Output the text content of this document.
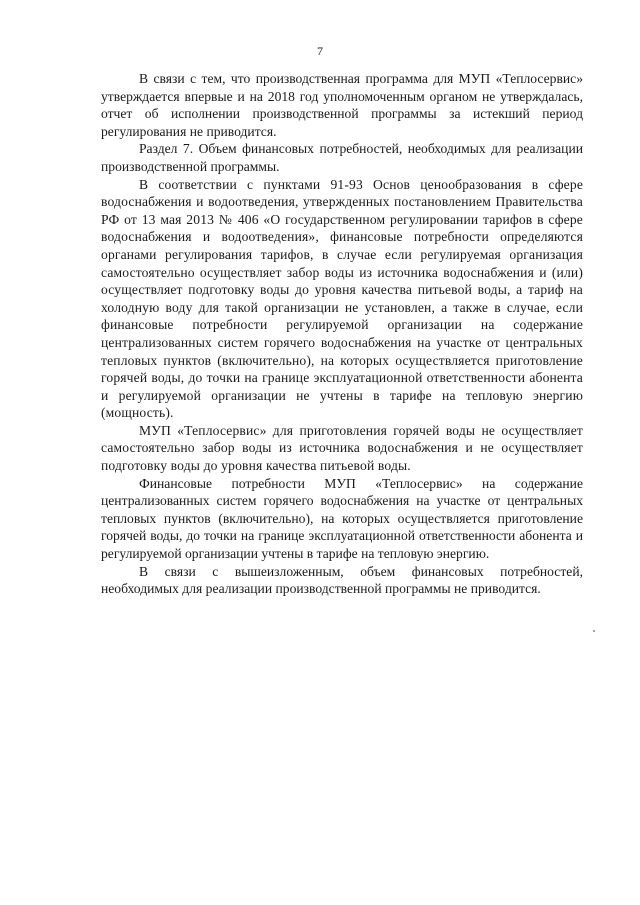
7

В связи с тем, что производственная программа для МУП «Теплосервис» утверждается впервые и на 2018 год уполномоченным органом не утверждалась, отчет об исполнении производственной программы за истекший период регулирования не приводится.

Раздел 7. Объем финансовых потребностей, необходимых для реализации производственной программы.

В соответствии с пунктами 91-93 Основ ценообразования в сфере водоснабжения и водоотведения, утвержденных постановлением Правительства РФ от 13 мая 2013 № 406 «О государственном регулировании тарифов в сфере водоснабжения и водоотведения», финансовые потребности определяются органами регулирования тарифов, в случае если регулируемая организация самостоятельно осуществляет забор воды из источника водоснабжения и (или) осуществляет подготовку воды до уровня качества питьевой воды, а тариф на холодную воду для такой организации не установлен, а также в случае, если финансовые потребности регулируемой организации на содержание централизованных систем горячего водоснабжения на участке от центральных тепловых пунктов (включительно), на которых осуществляется приготовление горячей воды, до точки на границе эксплуатационной ответственности абонента и регулируемой организации не учтены в тарифе на тепловую энергию (мощность).

МУП «Теплосервис» для приготовления горячей воды не осуществляет самостоятельно забор воды из источника водоснабжения и не осуществляет подготовку воды до уровня качества питьевой воды.

Финансовые потребности МУП «Теплосервис» на содержание централизованных систем горячего водоснабжения на участке от центральных тепловых пунктов (включительно), на которых осуществляется приготовление горячей воды, до точки на границе эксплуатационной ответственности абонента и регулируемой организации учтены в тарифе на тепловую энергию.

В связи с вышеизложенным, объем финансовых потребностей, необходимых для реализации производственной программы не приводится.
